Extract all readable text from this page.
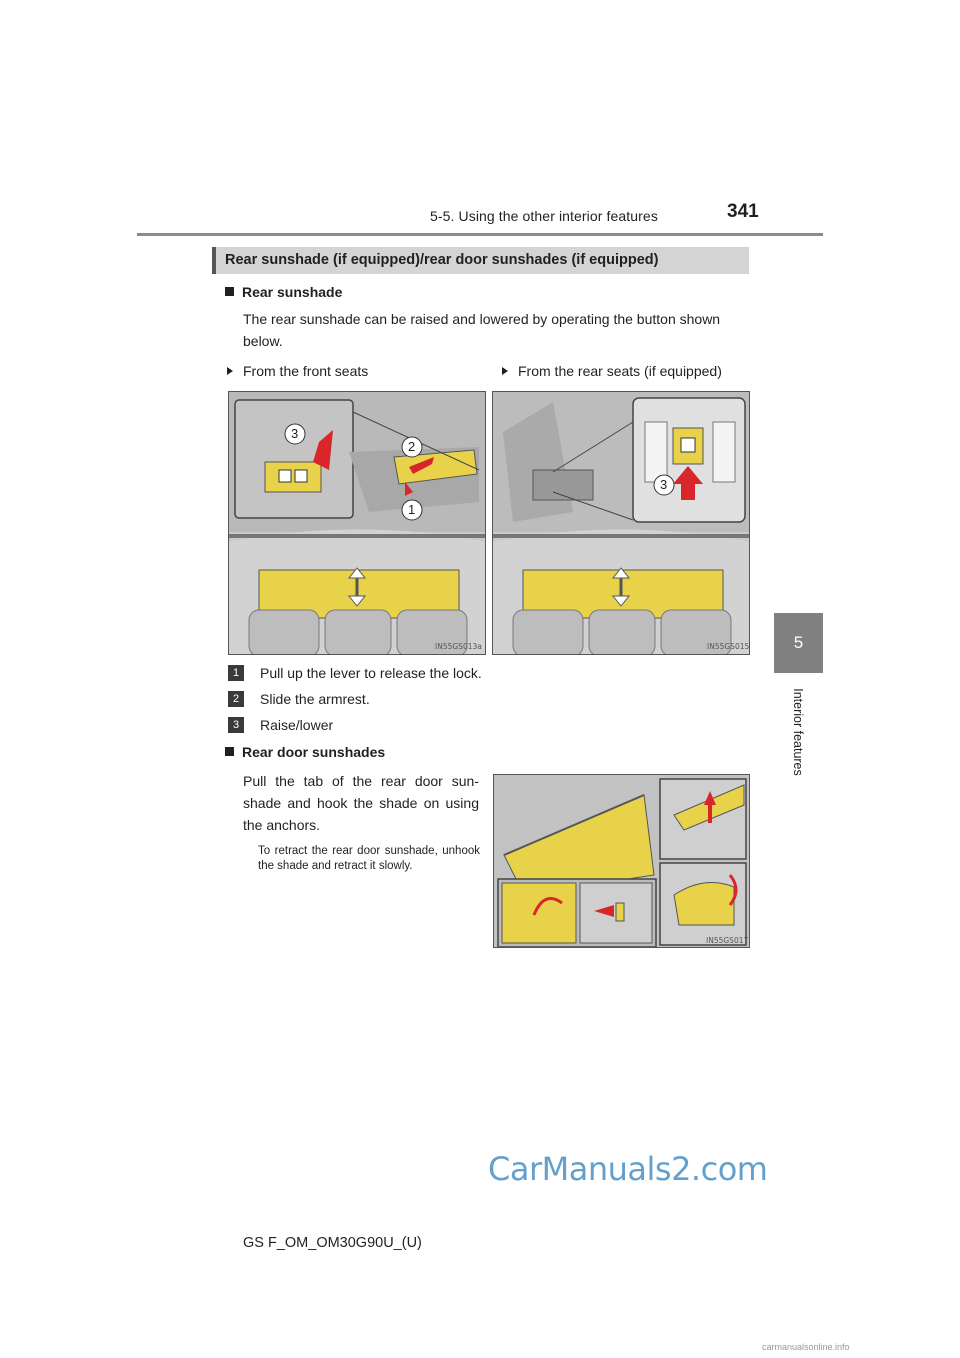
5-5. Using the other interior features	341
5
Interior features
Rear sunshade (if equipped)/rear door sunshades (if equipped)
Rear sunshade
The rear sunshade can be raised and lowered by operating the button shown below.
From the front seats	From the rear seats (if equipped)
3
2
1
IN55GS013a
3
IN55GS015
1	Pull up the lever to release the lock.
2	Slide the armrest.
3	Raise/lower
Rear door sunshades
Pull the tab of the rear door sun-shade and hook the shade on using the anchors.
To retract the rear door sunshade, unhook the shade and retract it slowly.
IN55GS017
CarManuals2.com
GS F_OM_OM30G90U_(U)
carmanualsonline.info
